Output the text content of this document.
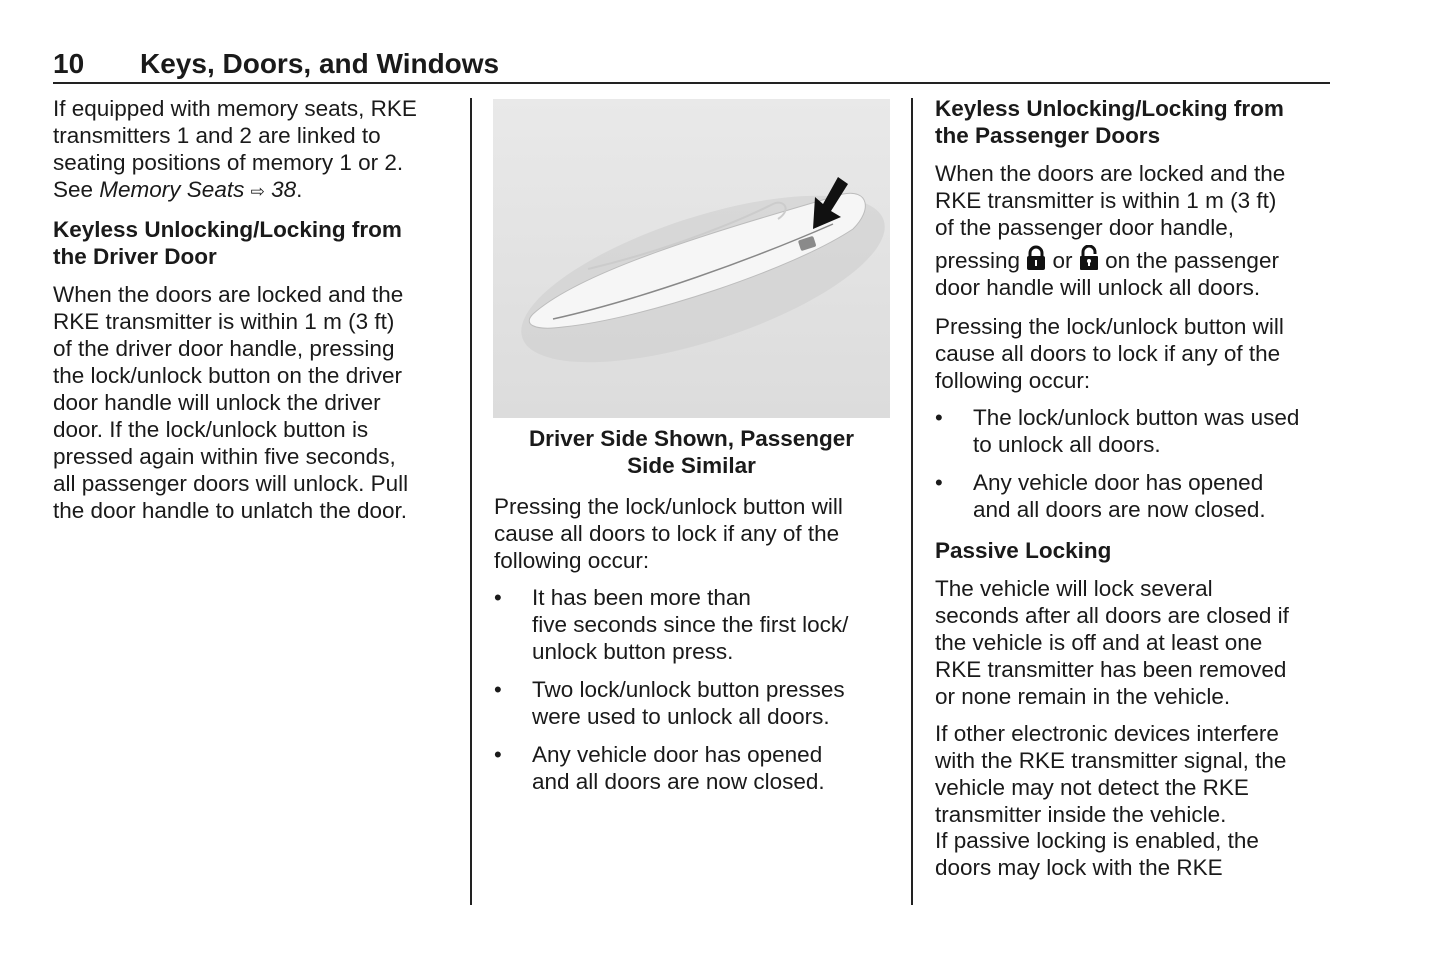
10 Keys, Doors, and Windows
If equipped with memory seats, RKE
transmitters 1 and 2 are linked to
seating positions of memory 1 or 2.
See Memory Seats ⇨ 38.
Keyless Unlocking/Locking from
the Driver Door
When the doors are locked and the
RKE transmitter is within 1 m (3 ft)
of the driver door handle, pressing
the lock/unlock button on the driver
door handle will unlock the driver
door. If the lock/unlock button is
pressed again within five seconds,
all passenger doors will unlock. Pull
the door handle to unlatch the door.
Driver Side Shown, Passenger
Side Similar
Pressing the lock/unlock button will
cause all doors to lock if any of the
following occur:
• It has been more than
five seconds since the first lock/
unlock button press.
• Two lock/unlock button presses
were used to unlock all doors.
• Any vehicle door has opened
and all doors are now closed.
Keyless Unlocking/Locking from
the Passenger Doors
When the doors are locked and the
RKE transmitter is within 1 m (3 ft)
of the passenger door handle,
pressing  or  on the passenger
door handle will unlock all doors.
Pressing the lock/unlock button will
cause all doors to lock if any of the
following occur:
• The lock/unlock button was used
to unlock all doors.
• Any vehicle door has opened
and all doors are now closed.
Passive Locking
The vehicle will lock several
seconds after all doors are closed if
the vehicle is off and at least one
RKE transmitter has been removed
or none remain in the vehicle.
If other electronic devices interfere
with the RKE transmitter signal, the
vehicle may not detect the RKE
transmitter inside the vehicle.
If passive locking is enabled, the
doors may lock with the RKE
